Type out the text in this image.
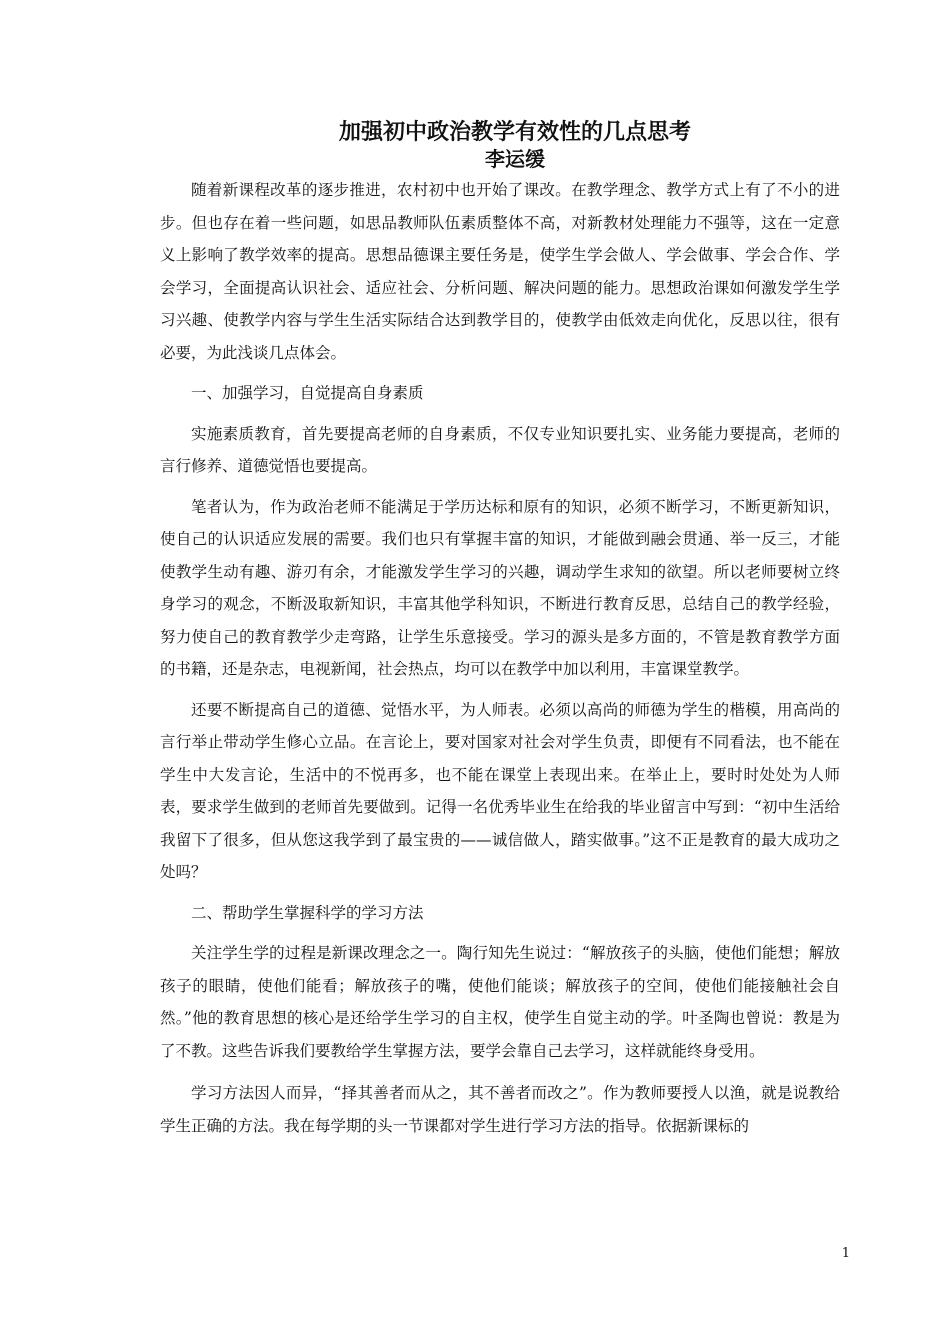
加强初中政治教学有效性的几点思考
李运缓

随着新课程改革的逐步推进，农村初中也开始了课改。在教学理念、教学方式上有了不小的进步。但也存在着一些问题，如思品教师队伍素质整体不高，对新教材处理能力不强等，这在一定意义上影响了教学效率的提高。思想品德课主要任务是，使学生学会做人、学会做事、学会合作、学会学习，全面提高认识社会、适应社会、分析问题、解决问题的能力。思想政治课如何激发学生学习兴趣、使教学内容与学生生活实际结合达到教学目的，使教学由低效走向优化，反思以往，很有必要，为此浅谈几点体会。

一、加强学习，自觉提高自身素质

实施素质教育，首先要提高老师的自身素质，不仅专业知识要扎实、业务能力要提高，老师的言行修养、道德觉悟也要提高。

笔者认为，作为政治老师不能满足于学历达标和原有的知识，必须不断学习，不断更新知识，使自己的认识适应发展的需要。我们也只有掌握丰富的知识，才能做到融会贯通、举一反三，才能使教学生动有趣、游刃有余，才能激发学生学习的兴趣，调动学生求知的欲望。所以老师要树立终身学习的观念，不断汲取新知识，丰富其他学科知识，不断进行教育反思，总结自己的教学经验，努力使自己的教育教学少走弯路，让学生乐意接受。学习的源头是多方面的，不管是教育教学方面的书籍，还是杂志，电视新闻，社会热点，均可以在教学中加以利用，丰富课堂教学。

还要不断提高自己的道德、觉悟水平，为人师表。必须以高尚的师德为学生的楷模，用高尚的言行举止带动学生修心立品。在言论上，要对国家对社会对学生负责，即便有不同看法，也不能在学生中大发言论，生活中的不悦再多，也不能在课堂上表现出来。在举止上，要时时处处为人师表，要求学生做到的老师首先要做到。记得一名优秀毕业生在给我的毕业留言中写到：“初中生活给我留下了很多，但从您这我学到了最宝贵的——诚信做人，踏实做事。”这不正是教育的最大成功之处吗？

二、帮助学生掌握科学的学习方法

关注学生学的过程是新课改理念之一。陶行知先生说过：“解放孩子的头脑，使他们能想；解放孩子的眼睛，使他们能看；解放孩子的嘴，使他们能谈；解放孩子的空间，使他们能接触社会自然。”他的教育思想的核心是还给学生学习的自主权，使学生自觉主动的学。叶圣陶也曾说：教是为了不教。这些告诉我们要教给学生掌握方法，要学会靠自己去学习，这样就能终身受用。

学习方法因人而异，“择其善者而从之，其不善者而改之”。作为教师要授人以渔，就是说教给学生正确的方法。我在每学期的头一节课都对学生进行学习方法的指导。依据新课标的

1
